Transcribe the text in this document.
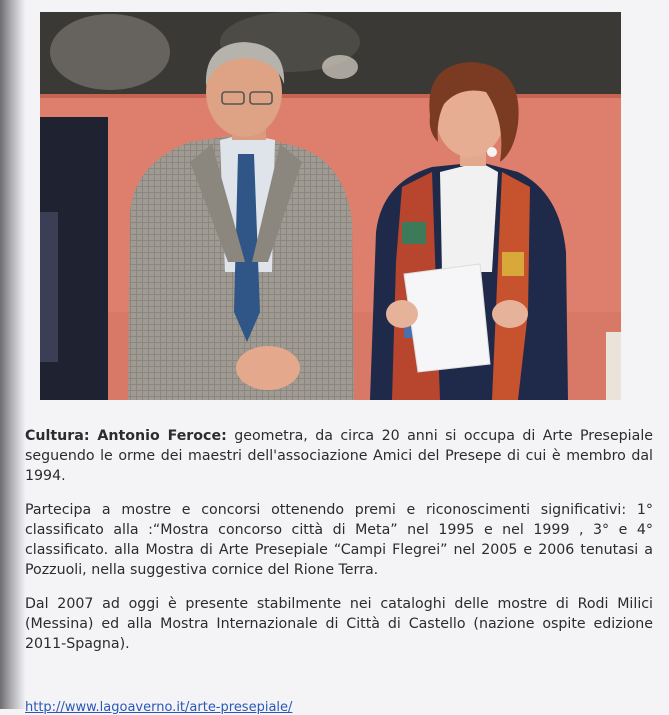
Cultura: Antonio Feroce: geometra, da circa 20 anni si occupa di Arte Presepiale seguendo le orme dei maestri dell'associazione Amici del Presepe di cui è membro dal 1994.

Partecipa a mostre e concorsi ottenendo premi e riconoscimenti significativi: 1° classificato alla :“Mostra concorso città di Meta” nel 1995 e nel 1999 , 3° e 4° classificato. alla Mostra di Arte Presepiale “Campi Flegrei” nel 2005 e 2006 tenutasi a Pozzuoli, nella suggestiva cornice del Rione Terra.

Dal 2007 ad oggi è presente stabilmente nei cataloghi delle mostre di Rodi Milici (Messina) ed alla Mostra Internazionale di Città di Castello (nazione ospite edizione 2011-Spagna).

http://www.lagoaverno.it/arte-presepiale/
